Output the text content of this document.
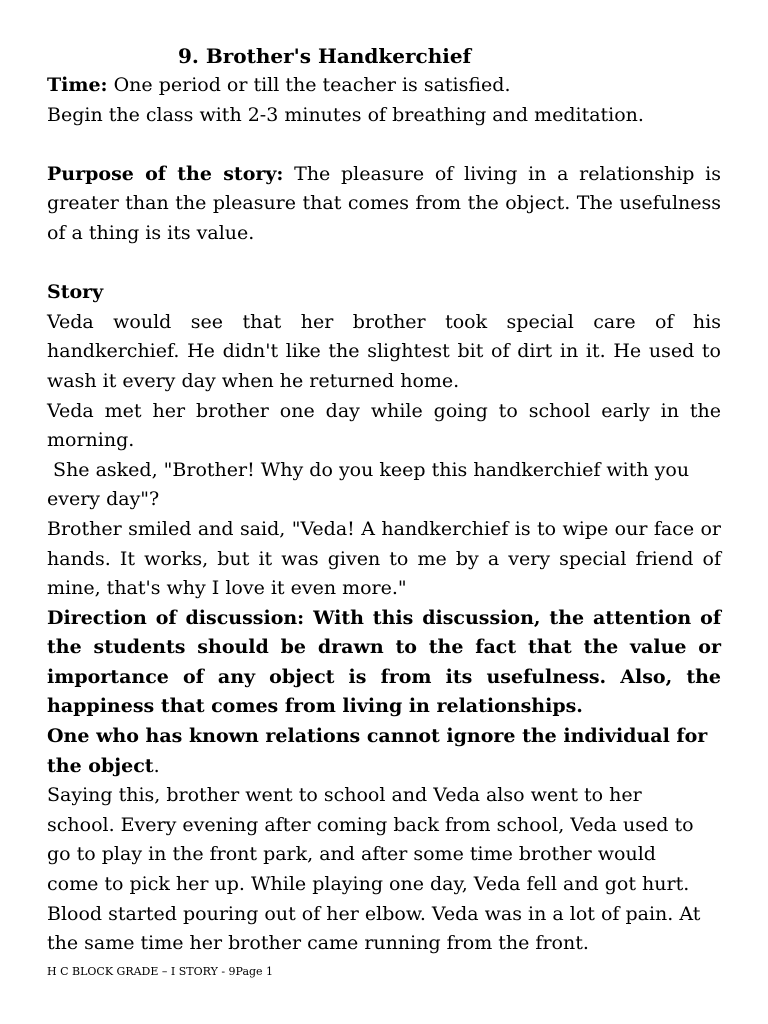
9. Brother's Handkerchief

Time: One period or till the teacher is satisfied.

Begin the class with 2-3 minutes of breathing and meditation.

Purpose of the story: The pleasure of living in a relationship is greater than the pleasure that comes from the object. The usefulness of a thing is its value.

Story

Veda would see that her brother took special care of his handkerchief. He didn't like the slightest bit of dirt in it. He used to wash it every day when he returned home.

Veda met her brother one day while going to school early in the morning.

She asked, "Brother! Why do you keep this handkerchief with you every day"?

Brother smiled and said, "Veda! A handkerchief is to wipe our face or hands. It works, but it was given to me by a very special friend of mine, that's why I love it even more."

Direction of discussion: With this discussion, the attention of the students should be drawn to the fact that the value or importance of any object is from its usefulness. Also, the happiness that comes from living in relationships.

One who has known relations cannot ignore the individual for the object.

Saying this, brother went to school and Veda also went to her

school. Every evening after coming back from school, Veda used to

go to play in the front park, and after some time brother would

come to pick her up. While playing one day, Veda fell and got hurt.

Blood started pouring out of her elbow. Veda was in a lot of pain. At

the same time her brother came running from the front.

H C BLOCK GRADE – I STORY - 9Page 1
